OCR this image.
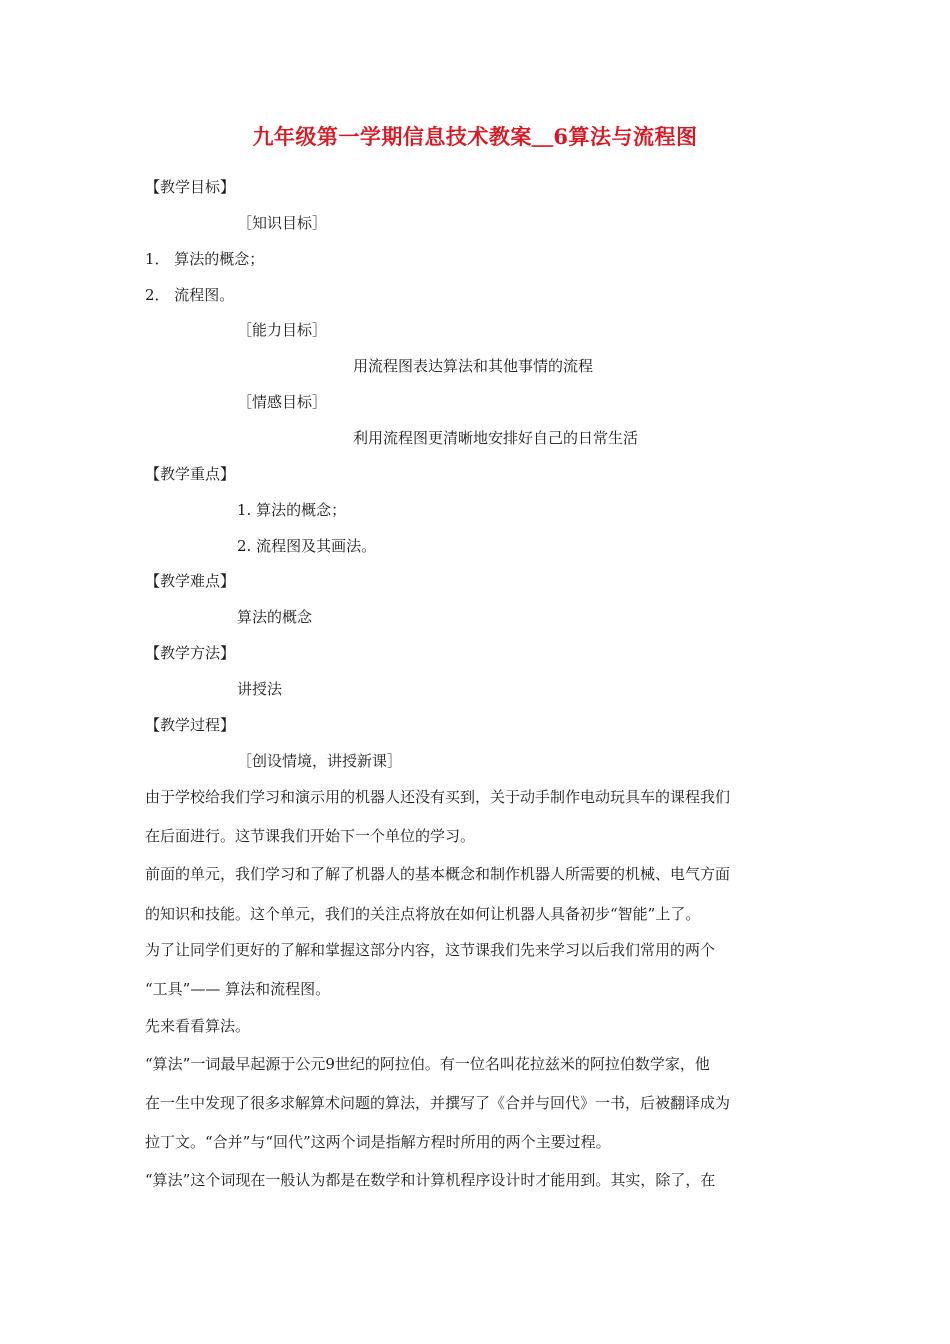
九年级第一学期信息技术教案＿6算法与流程图
【教学目标】
［知识目标］
1． 算法的概念；
2． 流程图。
［能力目标］
用流程图表达算法和其他事情的流程
［情感目标］
利用流程图更清晰地安排好自己的日常生活
【教学重点】
1. 算法的概念；
2. 流程图及其画法。
【教学难点】
算法的概念
【教学方法】
讲授法
【教学过程】
［创设情境，讲授新课］
由于学校给我们学习和演示用的机器人还没有买到，关于动手制作电动玩具车的课程我们
在后面进行。这节课我们开始下一个单位的学习。
前面的单元，我们学习和了解了机器人的基本概念和制作机器人所需要的机械、电气方面
的知识和技能。这个单元，我们的关注点将放在如何让机器人具备初步“智能”上了。
为了让同学们更好的了解和掌握这部分内容，这节课我们先来学习以后我们常用的两个
“工具”—— 算法和流程图。
先来看看算法。
“算法”一词最早起源于公元9世纪的阿拉伯。有一位名叫花拉兹米的阿拉伯数学家，他
在一生中发现了很多求解算术问题的算法，并撰写了《合并与回代》一书，后被翻译成为
拉丁文。“合并”与“回代”这两个词是指解方程时所用的两个主要过程。
“算法”这个词现在一般认为都是在数学和计算机程序设计时才能用到。其实，除了，在
